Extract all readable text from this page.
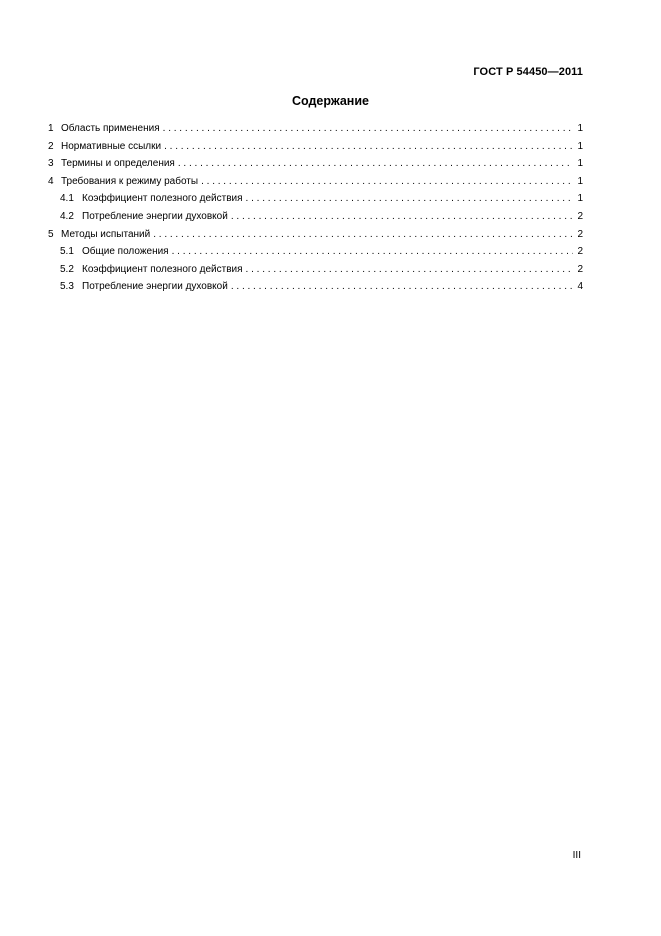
ГОСТ Р 54450—2011
Содержание
1 Область применения . . .	1
2 Нормативные ссылки . . .	1
3 Термины и определения . . .	1
4 Требования к режиму работы . . .	1
4.1 Коэффициент полезного действия . . .	1
4.2 Потребление энергии духовкой . . .	2
5 Методы испытаний . . .	2
5.1 Общие положения . . .	2
5.2 Коэффициент полезного действия . . .	2
5.3 Потребление энергии духовкой . . .	4
III
